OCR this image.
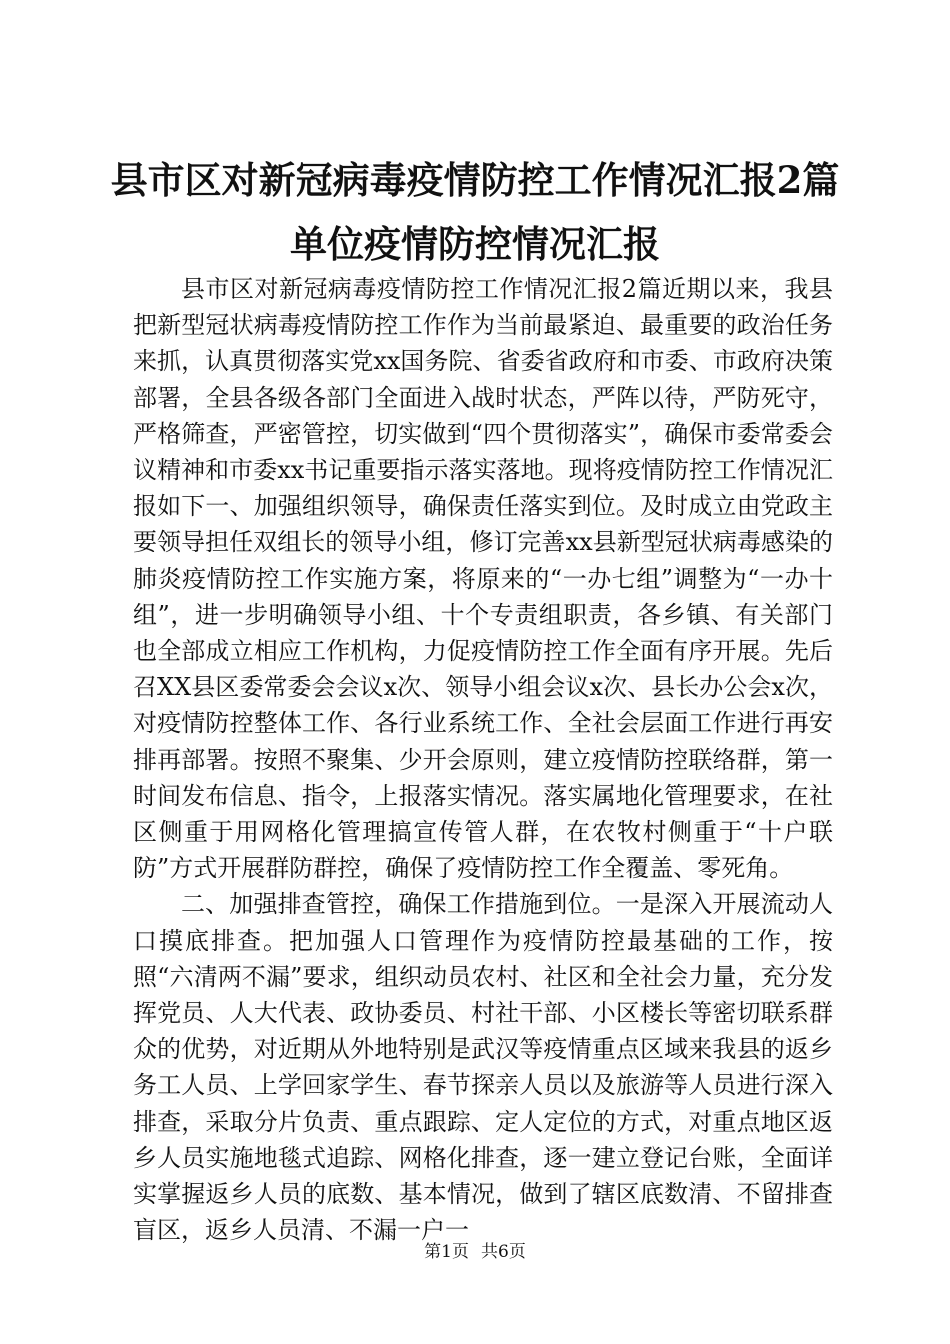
县市区对新冠病毒疫情防控工作情况汇报2篇
单位疫情防控情况汇报

县市区对新冠病毒疫情防控工作情况汇报2篇近期以来，我县把新型冠状病毒疫情防控工作作为当前最紧迫、最重要的政治任务来抓，认真贯彻落实党xx国务院、省委省政府和市委、市政府决策部署，全县各级各部门全面进入战时状态，严阵以待，严防死守，严格筛查，严密管控，切实做到“四个贯彻落实”，确保市委常委会议精神和市委xx书记重要指示落实落地。现将疫情防控工作情况汇报如下一、加强组织领导，确保责任落实到位。及时成立由党政主要领导担任双组长的领导小组，修订完善xx县新型冠状病毒感染的肺炎疫情防控工作实施方案，将原来的“一办七组”调整为“一办十组”，进一步明确领导小组、十个专责组职责，各乡镇、有关部门也全部成立相应工作机构，力促疫情防控工作全面有序开展。先后召XX县区委常委会会议x次、领导小组会议x次、县长办公会x次，对疫情防控整体工作、各行业系统工作、全社会层面工作进行再安排再部署。按照不聚集、少开会原则，建立疫情防控联络群，第一时间发布信息、指令，上报落实情况。落实属地化管理要求，在社区侧重于用网格化管理搞宣传管人群，在农牧村侧重于“十户联防”方式开展群防群控，确保了疫情防控工作全覆盖、零死角。

二、加强排查管控，确保工作措施到位。一是深入开展流动人口摸底排查。把加强人口管理作为疫情防控最基础的工作，按照“六清两不漏”要求，组织动员农村、社区和全社会力量，充分发挥党员、人大代表、政协委员、村社干部、小区楼长等密切联系群众的优势，对近期从外地特别是武汉等疫情重点区域来我县的返乡务工人员、上学回家学生、春节探亲人员以及旅游等人员进行深入排查，采取分片负责、重点跟踪、定人定位的方式，对重点地区返乡人员实施地毯式追踪、网格化排查，逐一建立登记台账，全面详实掌握返乡人员的底数、基本情况，做到了辖区底数清、不留排查盲区，返乡人员清、不漏一户一

第1页 共6页
